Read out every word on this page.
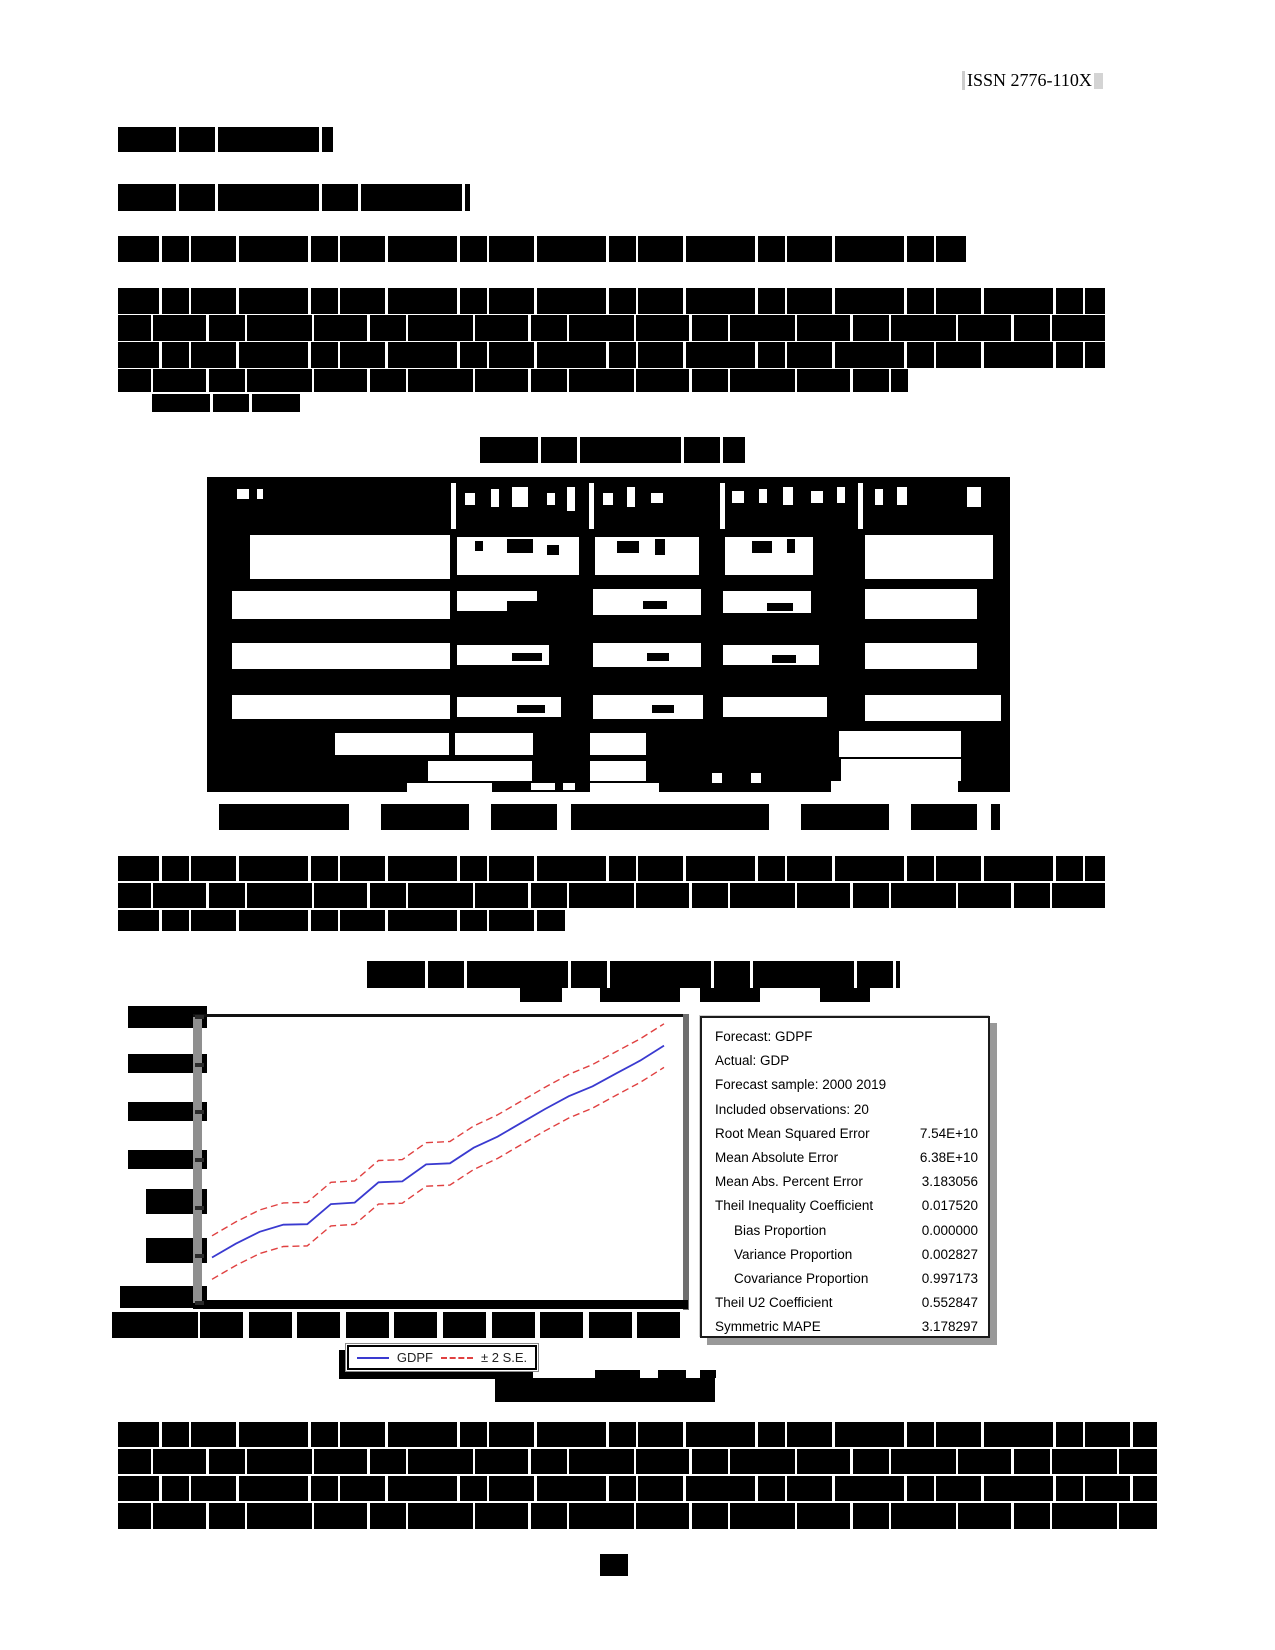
ISSN 2776-110X
GDPF	± 2 S.E.
Forecast: GDPF
Actual: GDP
Forecast sample: 2000 2019
Included observations: 20
Root Mean Squared Error	7.54E+10
Mean Absolute Error	6.38E+10
Mean Abs. Percent Error	3.183056
Theil Inequality Coefficient	0.017520
Bias Proportion	0.000000
Variance Proportion	0.002827
Covariance Proportion	0.997173
Theil U2 Coefficient	0.552847
Symmetric MAPE	3.178297
